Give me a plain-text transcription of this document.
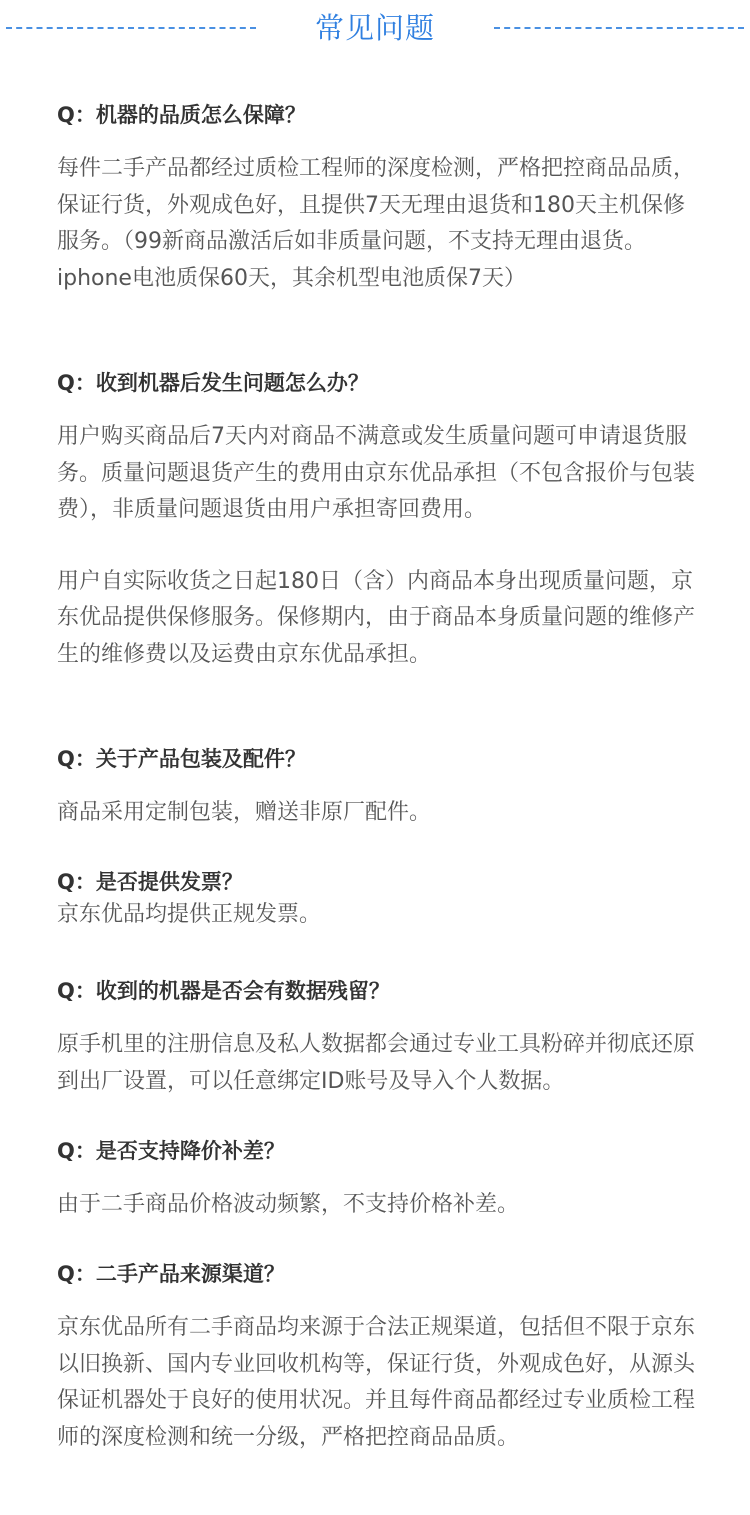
常见问题
Q：机器的品质怎么保障？

每件二手产品都经过质检工程师的深度检测，严格把控商品品质，保证行货，外观成色好，且提供7天无理由退货和180天主机保修服务。（99新商品激活后如非质量问题，不支持无理由退货。iphone电池质保60天，其余机型电池质保7天）

Q：收到机器后发生问题怎么办？

用户购买商品后7天内对商品不满意或发生质量问题可申请退货服务。质量问题退货产生的费用由京东优品承担（不包含报价与包装费），非质量问题退货由用户承担寄回费用。

用户自实际收货之日起180日（含）内商品本身出现质量问题，京东优品提供保修服务。保修期内，由于商品本身质量问题的维修产生的维修费以及运费由京东优品承担。

Q：关于产品包装及配件？

商品采用定制包装，赠送非原厂配件。

Q：是否提供发票？

京东优品均提供正规发票。

Q：收到的机器是否会有数据残留？

原手机里的注册信息及私人数据都会通过专业工具粉碎并彻底还原到出厂设置，可以任意绑定ID账号及导入个人数据。

Q：是否支持降价补差？

由于二手商品价格波动频繁，不支持价格补差。

Q：二手产品来源渠道？

京东优品所有二手商品均来源于合法正规渠道，包括但不限于京东以旧换新、国内专业回收机构等，保证行货，外观成色好，从源头保证机器处于良好的使用状况。并且每件商品都经过专业质检工程师的深度检测和统一分级，严格把控商品品质。
